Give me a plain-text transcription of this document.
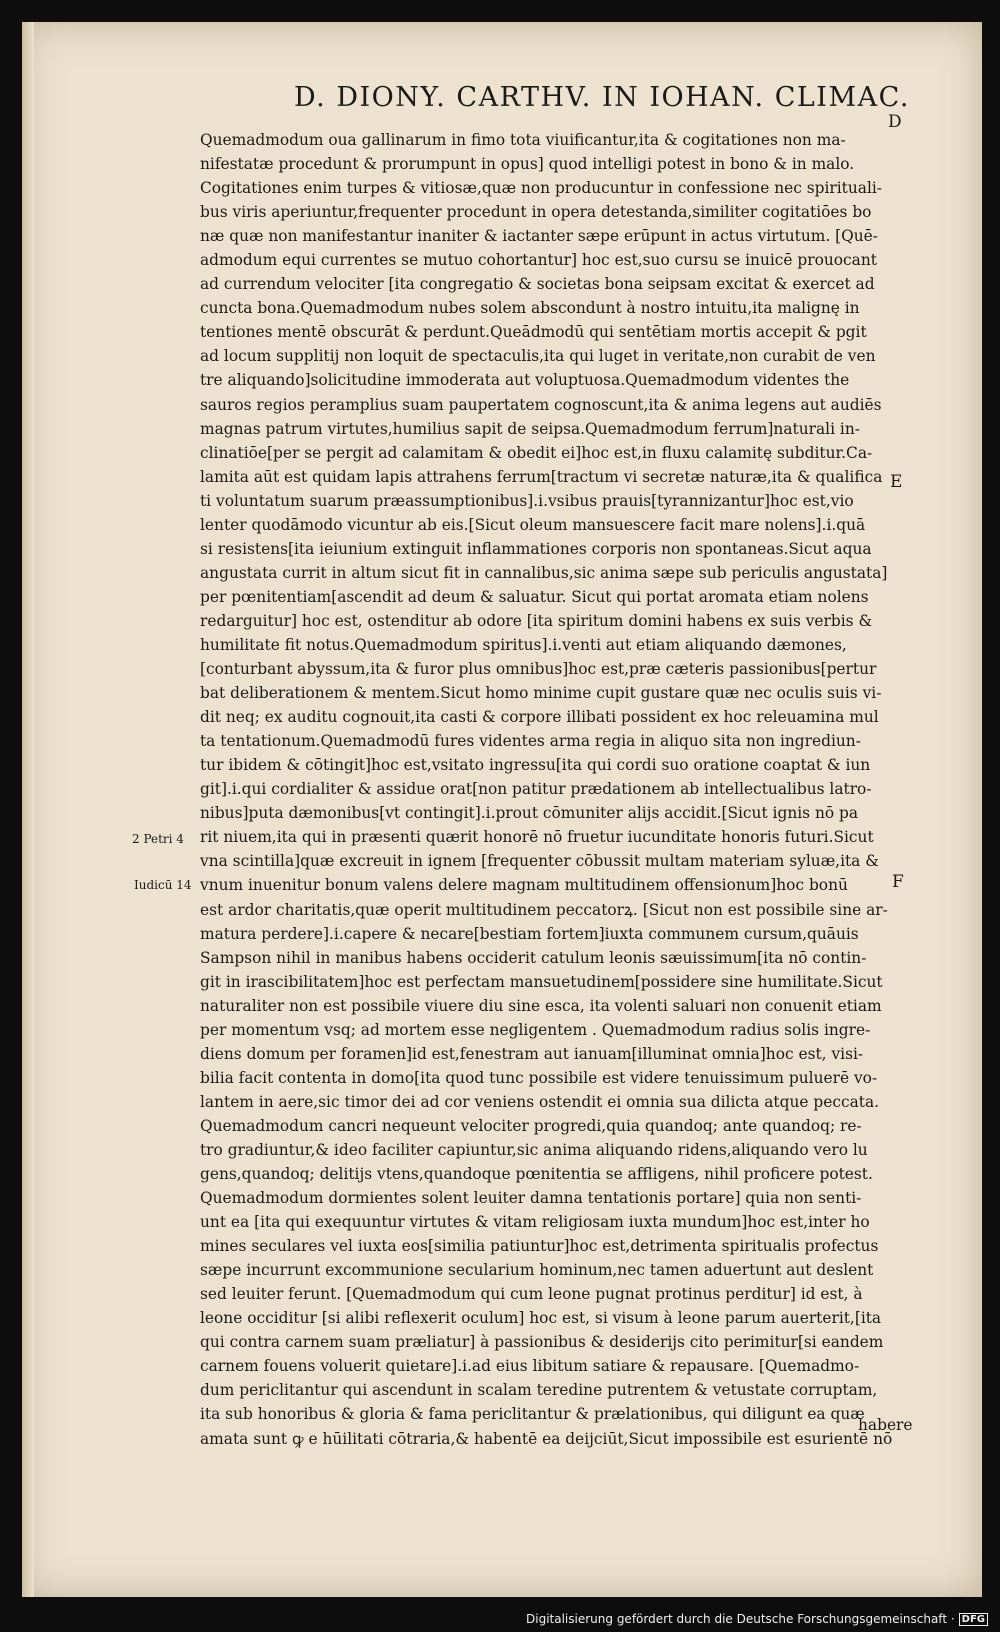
D. DIONY. CARTHV. IN IOHAN. CLIMAC.
Quemadmodum oua gallinarum in fimo tota viuificantur,ita & cogitationes non ma-
nifestatæ procedunt & prorumpunt in opus] quod intelligi potest in bono & in malo.
Cogitationes enim turpes & vitiosæ,quæ non producuntur in confessione nec spirituali-
bus viris aperiuntur,frequenter procedunt in opera detestanda,similiter cogitatiōes bo
næ quæ non manifestantur inaniter & iactanter sæpe erūpunt in actus virtutum. [Quē-
admodum equi currentes se mutuo cohortantur] hoc est,suo cursu se inuicē prouocant
ad currendum velociter [ita congregatio & societas bona seipsam excitat & exercet ad
cuncta bona.Quemadmodum nubes solem abscondunt à nostro intuitu,ita malignę in
tentiones mentē obscurāt & perdunt.Queādmodū qui sentētiam mortis accepit & pgit
ad locum supplitij non loquit de spectaculis,ita qui luget in veritate,non curabit de ven
tre aliquando]solicitudine immoderata aut voluptuosa.Quemadmodum videntes the
sauros regios peramplius suam paupertatem cognoscunt,ita & anima legens aut audiēs
magnas patrum virtutes,humilius sapit de seipsa.Quemadmodum ferrum]naturali in-
clinatiōe[per se pergit ad calamitam & obedit ei]hoc est,in fluxu calamitę subditur.Ca-
lamita aūt est quidam lapis attrahens ferrum[tractum vi secretæ naturæ,ita & qualifica
ti voluntatum suarum præassumptionibus].i.vsibus prauis[tyrannizantur]hoc est,vio
lenter quodāmodo vicuntur ab eis.[Sicut oleum mansuescere facit mare nolens].i.quā
si resistens[ita ieiunium extinguit inflammationes corporis non spontaneas.Sicut aqua
angustata currit in altum sicut fit in cannalibus,sic anima sæpe sub periculis angustata]
per pœnitentiam[ascendit ad deum & saluatur. Sicut qui portat aromata etiam nolens
redarguitur] hoc est, ostenditur ab odore [ita spiritum domini habens ex suis verbis &
humilitate fit notus.Quemadmodum spiritus].i.venti aut etiam aliquando dæmones,
[conturbant abyssum,ita & furor plus omnibus]hoc est,præ cæteris passionibus[pertur
bat deliberationem & mentem.Sicut homo minime cupit gustare quæ nec oculis suis vi-
dit neq; ex auditu cognouit,ita casti & corpore illibati possident ex hoc releuamina mul
ta tentationum.Quemadmodū fures videntes arma regia in aliquo sita non ingrediun-
tur ibidem & cōtingit]hoc est,vsitato ingressu[ita qui cordi suo oratione coaptat & iun
git].i.qui cordialiter & assidue orat[non patitur prædationem ab intellectualibus latro-
nibus]puta dæmonibus[vt contingit].i.prout cōmuniter alijs accidit.[Sicut ignis nō pa
rit niuem,ita qui in præsenti quærit honorē nō fruetur iucunditate honoris futuri.Sicut
vna scintilla]quæ excreuit in ignem [frequenter cōbussit multam materiam syluæ,ita &
vnum inuenitur bonum valens delere magnam multitudinem offensionum]hoc bonū
est ardor charitatis,quæ operit multitudinem peccatorꝝ. [Sicut non est possibile sine ar-
matura perdere].i.capere & necare[bestiam fortem]iuxta communem cursum,quāuis
Sampson nihil in manibus habens occiderit catulum leonis sæuissimum[ita nō contin-
git in irascibilitatem]hoc est perfectam mansuetudinem[possidere sine humilitate.Sicut
naturaliter non est possibile viuere diu sine esca, ita volenti saluari non conuenit etiam
per momentum vsq; ad mortem esse negligentem . Quemadmodum radius solis ingre-
diens domum per foramen]id est,fenestram aut ianuam[illuminat omnia]hoc est, visi-
bilia facit contenta in domo[ita quod tunc possibile est videre tenuissimum puluerē vo-
lantem in aere,sic timor dei ad cor veniens ostendit ei omnia sua dilicta atque peccata.
Quemadmodum cancri nequeunt velociter progredi,quia quandoq; ante quandoq; re-
tro gradiuntur,& ideo faciliter capiuntur,sic anima aliquando ridens,aliquando vero lu
gens,quandoq; delitijs vtens,quandoque pœnitentia se affligens, nihil proficere potest.
Quemadmodum dormientes solent leuiter damna tentationis portare] quia non senti-
unt ea [ita qui exequuntur virtutes & vitam religiosam iuxta mundum]hoc est,inter ho
mines seculares vel iuxta eos[similia patiuntur]hoc est,detrimenta spiritualis profectus
sæpe incurrunt excommunione secularium hominum,nec tamen aduertunt aut deslent
sed leuiter ferunt. [Quemadmodum qui cum leone pugnat protinus perditur] id est, à
leone occiditur [si alibi reflexerit oculum] hoc est, si visum à leone parum auerterit,[ita
qui contra carnem suam præliatur] à passionibus & desiderijs cito perimitur[si eandem
carnem fouens voluerit quietare].i.ad eius libitum satiare & repausare. [Quemadmo-
dum periclitantur qui ascendunt in scalam teredine putrentem & vetustate corruptam,
ita sub honoribus & gloria & fama periclitantur & prælationibus, qui diligunt ea quæ
amata sunt ꝙ e hūilitati cōtraria,& habentē ea deijciūt,Sicut impossibile est esurientē nō
D
E
F
2 Petri 4
Iudicū 14
habere
Digitalisierung gefördert durch die Deutsche Forschungsgemeinschaft · DFG
